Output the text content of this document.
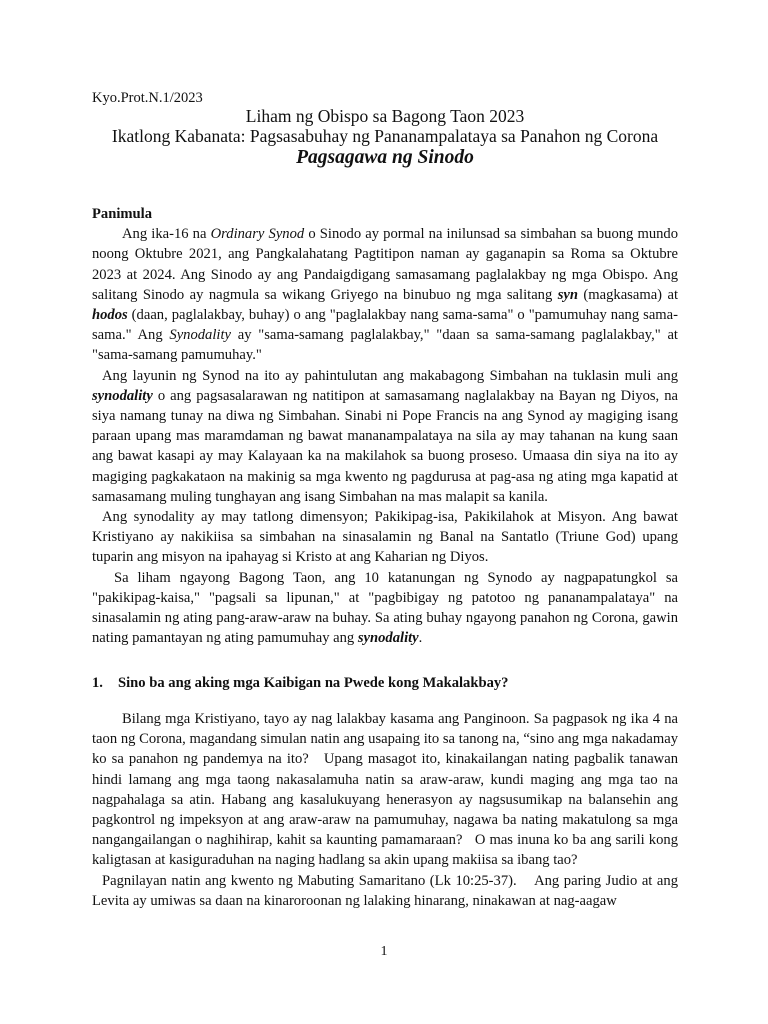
Kyo.Prot.N.1/2023
Liham ng Obispo sa Bagong Taon 2023
Ikatlong Kabanata: Pagsasabuhay ng Pananampalataya sa Panahon ng Corona
Pagsagawa ng Sinodo

Panimula

Ang ika-16 na Ordinary Synod o Sinodo ay pormal na inilunsad sa simbahan sa buong mundo noong Oktubre 2021, ang Pangkalahatang Pagtitipon naman ay gaganapin sa Roma sa Oktubre 2023 at 2024. Ang Sinodo ay ang Pandaigdigang samasamang paglalakbay ng mga Obispo. Ang salitang Sinodo ay nagmula sa wikang Griyego na binubuo ng mga salitang syn (magkasama) at hodos (daan, paglalakbay, buhay) o ang "paglalakbay nang sama-sama" o "pamumuhay nang sama-sama." Ang Synodality ay "sama-samang paglalakbay," "daan sa sama-samang paglalakbay," at "sama-samang pamumuhay."

Ang layunin ng Synod na ito ay pahintulutan ang makabagong Simbahan na tuklasin muli ang synodality o ang pagsasalarawan ng natitipon at samasamang naglalakbay na Bayan ng Diyos, na siya namang tunay na diwa ng Simbahan. Sinabi ni Pope Francis na ang Synod ay magiging isang paraan upang mas maramdaman ng bawat mananampalataya na sila ay may tahanan na kung saan ang bawat kasapi ay may Kalayaan ka na makilahok sa buong proseso. Umaasa din siya na ito ay magiging pagkakataon na makinig sa mga kwento ng pagdurusa at pag-asa ng ating mga kapatid at samasamang muling tunghayan ang isang Simbahan na mas malapit sa kanila.

Ang synodality ay may tatlong dimensyon; Pakikipag-isa, Pakikilahok at Misyon. Ang bawat Kristiyano ay nakikiisa sa simbahan na sinasalamin ng Banal na Santatlo (Triune God) upang tuparin ang misyon na ipahayag si Kristo at ang Kaharian ng Diyos.

Sa liham ngayong Bagong Taon, ang 10 katanungan ng Synodo ay nagpapatungkol sa "pakikipag-kaisa," "pagsali sa lipunan," at "pagbibigay ng patotoo ng pananampalataya" na sinasalamin ng ating pang-araw-araw na buhay. Sa ating buhay ngayong panahon ng Corona, gawin nating pamantayan ng ating pamumuhay ang synodality.

1. Sino ba ang aking mga Kaibigan na Pwede kong Makalakbay?

Bilang mga Kristiyano, tayo ay nag lalakbay kasama ang Panginoon. Sa pagpasok ng ika 4 na taon ng Corona, magandang simulan natin ang usapaing ito sa tanong na, “sino ang mga nakadamay ko sa panahon ng pandemya na ito?   Upang masagot ito, kinakailangan nating pagbalik tanawan hindi lamang ang mga taong nakasalamuha natin sa araw-araw, kundi maging ang mga tao na nagpahalaga sa atin. Habang ang kasalukuyang henerasyon ay nagsusumikap na balansehin ang pagkontrol ng impeksyon at ang araw-araw na pamumuhay, nagawa ba nating makatulong sa mga nangangailangan o naghihirap, kahit sa kaunting pamamaraan?   O mas inuna ko ba ang sarili kong kaligtasan at kasiguraduhan na naging hadlang sa akin upang makiisa sa ibang tao?

Pagnilayan natin ang kwento ng Mabuting Samaritano (Lk 10:25-37).    Ang paring Judio at ang Levita ay umiwas sa daan na kinaroroonan ng lalaking hinarang, ninakawan at nag-aagaw

1
